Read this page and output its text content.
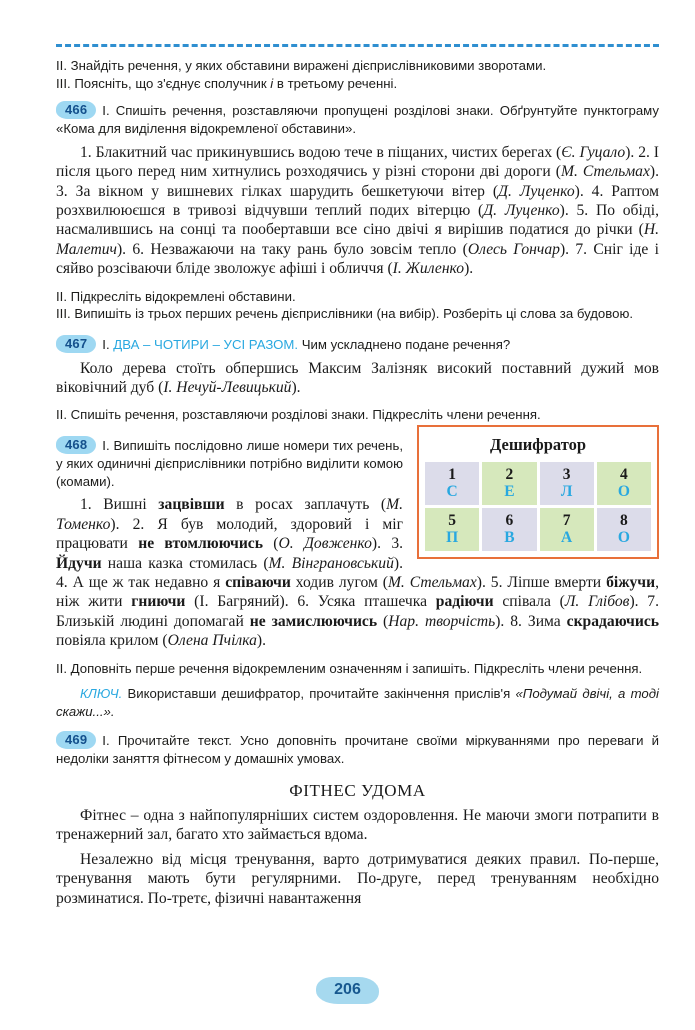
II. Знайдіть речення, у яких обставини виражені дієприслівниковими зворотами.

III. Поясніть, що з'єднує сполучник i в третьому реченні.

466 I. Спишіть речення, розставляючи пропущені розділові знаки. Обґрунтуйте пунктограму «Кома для виділення відокремленої обставини».

1. Блакитний час прикинувшись водою тече в піщаних, чистих берегах (Є. Гуцало). 2. І після цього перед ним хитнулись розходячись у різні сторони дві дороги (М. Стельмах). 3. За вікном у вишневих гілках шарудить бешкетуючи вітер (Д. Луценко). 4. Раптом розхвилююєшся в тривозі відчувши теплий подих вітерцю (Д. Луценко). 5. По обіді, насмалившись на сонці та пообертавши все сіно двічі я вирішив податися до річки (Н. Малетич). 6. Незважаючи на таку рань було зовсім тепло (Олесь Гончар). 7. Сніг іде і сяйво розсіваючи бліде зволожує афіші і обличчя (І. Жиленко).

II. Підкресліть відокремлені обставини.

III. Випишіть із трьох перших речень дієприслівники (на вибір). Розберіть ці слова за будовою.

467 I. ДВА – ЧОТИРИ – УСІ РАЗОМ. Чим ускладнено подане речення?

Коло дерева стоїть обпершись Максим Залізняк високий поставний дужий мов віковічний дуб (І. Нечуй-Левицький).

II. Спишіть речення, розставляючи розділові знаки. Підкресліть члени речення.

Дешифратор
1
С
2
Е
3
Л
4
О
5
П
6
В
7
А
8
О

468 I. Випишіть послідовно лише номери тих речень, у яких одиничні дієприслівники потрібно виділити комою (комами).

1. Вишні зацвівши в росах заплачуть (М. Томенко). 2. Я був молодий, здоровий і міг працювати не втомлюючись (О. Довженко). 3. Йдучи наша казка стомилась (М. Вінграновський). 4. А ще ж так недавно я співаючи ходив лугом (М. Стельмах). 5. Ліпше вмерти біжучи, ніж жити гниючи (І. Багряний). 6. Усяка пташечка радіючи співала (Л. Глібов). 7. Близькій людині допомагай не замислюючись (Нар. творчість). 8. Зима скрадаючись повіяла крилом (Олена Пчілка).

II. Доповніть перше речення відокремленим означенням і запишіть. Підкресліть члени речення.

КЛЮЧ. Використавши дешифратор, прочитайте закінчення прислів'я «Подумай двічі, а тоді скажи...».

469 I. Прочитайте текст. Усно доповніть прочитане своїми міркуваннями про переваги й недоліки заняття фітнесом у домашніх умовах.

ФІТНЕС УДОМА

Фітнес – одна з найпопулярніших систем оздоровлення. Не маючи змоги потрапити в тренажерний зал, багато хто займається вдома.

Незалежно від місця тренування, варто дотримуватися деяких правил. По-перше, тренування мають бути регулярними. По-друге, перед тренуванням необхідно розминатися. По-третє, фізичні навантаження

206
